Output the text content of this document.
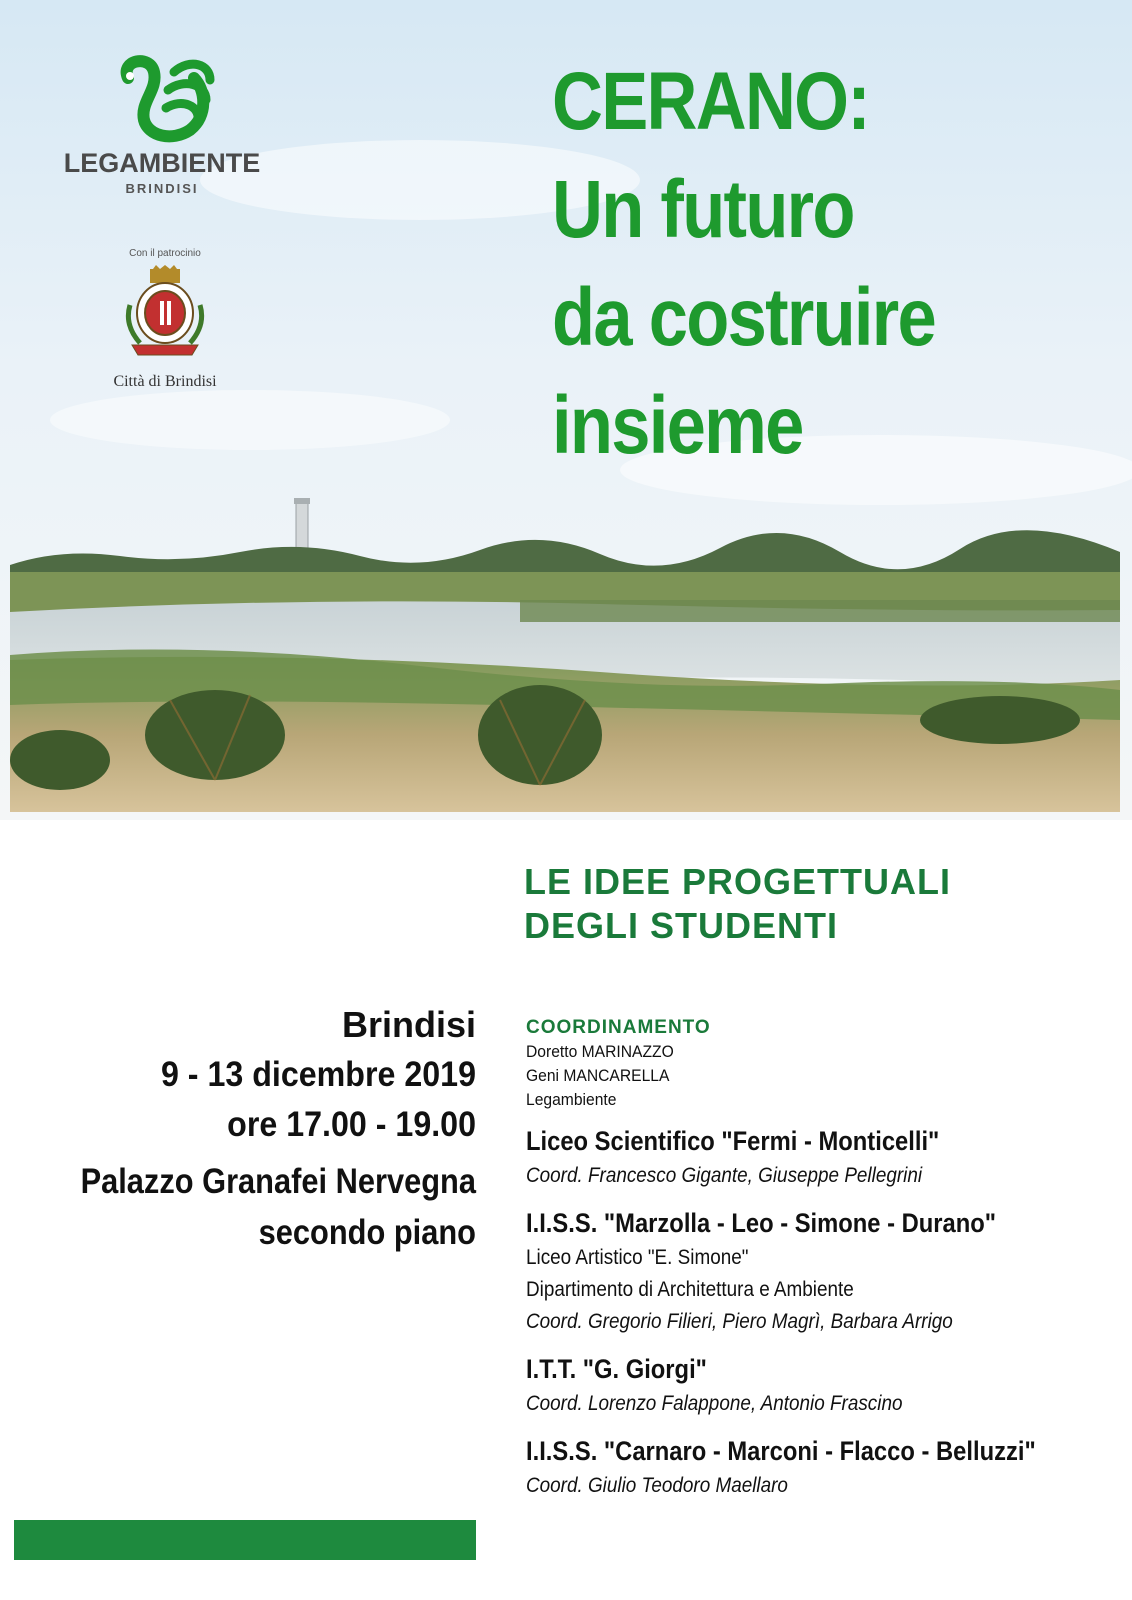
LEGAMBIENTE
BRINDISI
Con il patrocinio
Città di Brindisi
CERANO:
Un futuro
da costruire
insieme
LE IDEE PROGETTUALI
DEGLI STUDENTI
Brindisi
9 - 13 dicembre 2019
ore 17.00 - 19.00
Palazzo Granafei Nervegna
secondo piano
COORDINAMENTO
Doretto MARINAZZO
Geni MANCARELLA
Legambiente
Liceo Scientifico "Fermi - Monticelli"
Coord. Francesco Gigante, Giuseppe Pellegrini
I.I.S.S. "Marzolla - Leo - Simone - Durano"
Liceo Artistico "E. Simone"
Dipartimento di Architettura e Ambiente
Coord. Gregorio Filieri, Piero Magrì, Barbara Arrigo
I.T.T. "G. Giorgi"
Coord. Lorenzo Falappone, Antonio Frascino
I.I.S.S. "Carnaro - Marconi - Flacco - Belluzzi"
Coord. Giulio Teodoro Maellaro
